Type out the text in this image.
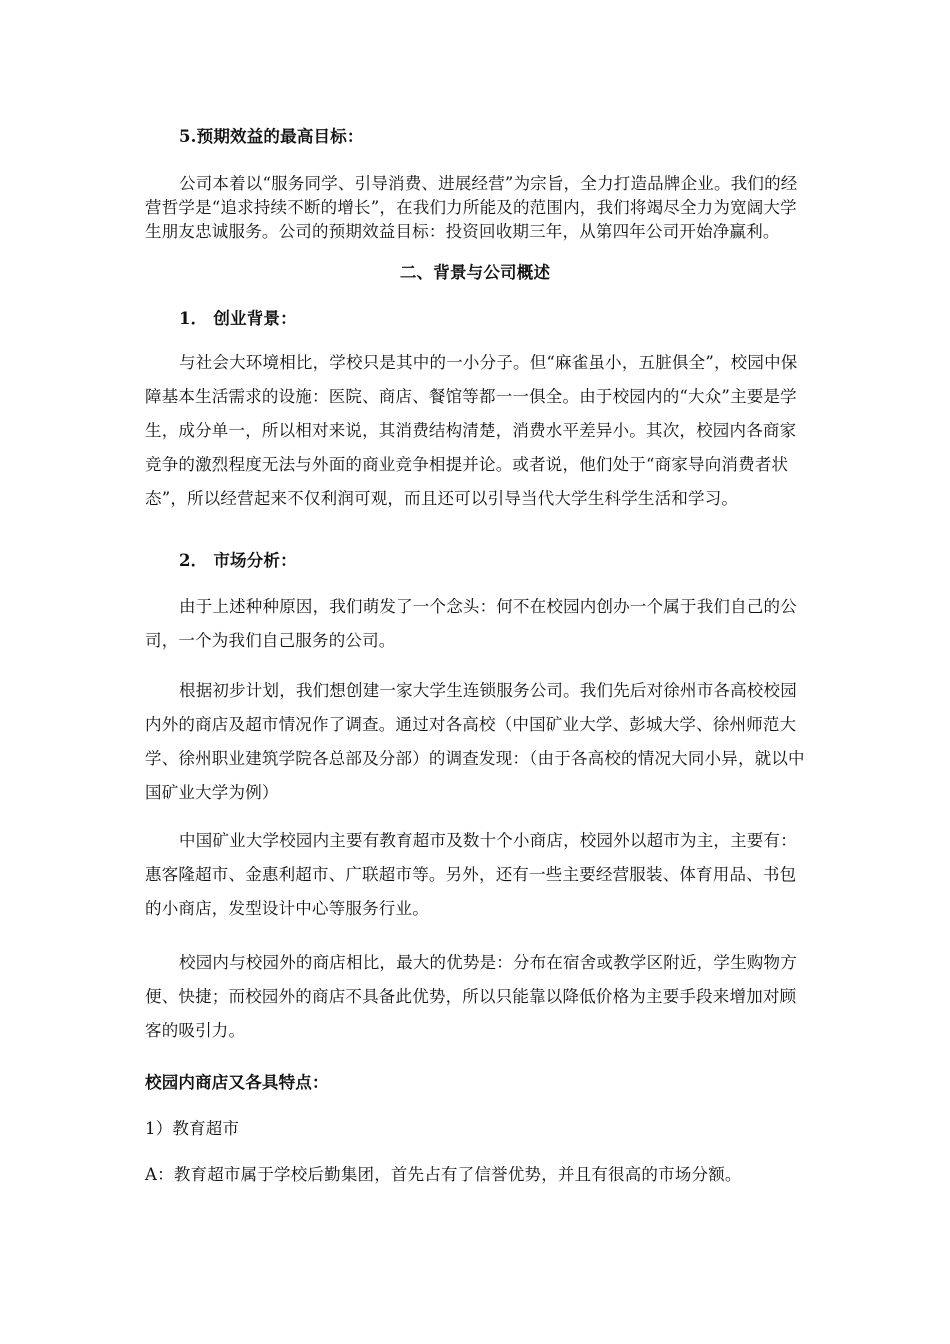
5.预期效益的最高目标：

公司本着以“服务同学、引导消费、进展经营”为宗旨，全力打造品牌企业。我们的经营哲学是“追求持续不断的增长”，在我们力所能及的范围内，我们将竭尽全力为宽阔大学生朋友忠诚服务。公司的预期效益目标：投资回收期三年，从第四年公司开始净赢利。

二、背景与公司概述

1． 创业背景：

与社会大环境相比，学校只是其中的一小分子。但“麻雀虽小，五脏俱全”，校园中保障基本生活需求的设施：医院、商店、餐馆等都一一俱全。由于校园内的“大众”主要是学生，成分单一，所以相对来说，其消费结构清楚，消费水平差异小。其次，校园内各商家竞争的激烈程度无法与外面的商业竞争相提并论。或者说，他们处于“商家导向消费者状态”，所以经营起来不仅利润可观，而且还可以引导当代大学生科学生活和学习。

2． 市场分析：

由于上述种种原因，我们萌发了一个念头：何不在校园内创办一个属于我们自己的公司，一个为我们自己服务的公司。

根据初步计划，我们想创建一家大学生连锁服务公司。我们先后对徐州市各高校校园内外的商店及超市情况作了调查。通过对各高校（中国矿业大学、彭城大学、徐州师范大学、徐州职业建筑学院各总部及分部）的调查发现：（由于各高校的情况大同小异，就以中国矿业大学为例）

中国矿业大学校园内主要有教育超市及数十个小商店，校园外以超市为主，主要有：惠客隆超市、金惠利超市、广联超市等。另外，还有一些主要经营服装、体育用品、书包的小商店，发型设计中心等服务行业。

校园内与校园外的商店相比，最大的优势是：分布在宿舍或教学区附近，学生购物方便、快捷；而校园外的商店不具备此优势，所以只能靠以降低价格为主要手段来增加对顾客的吸引力。

校园内商店又各具特点：

1）教育超市

A：教育超市属于学校后勤集团，首先占有了信誉优势，并且有很高的市场分额。
